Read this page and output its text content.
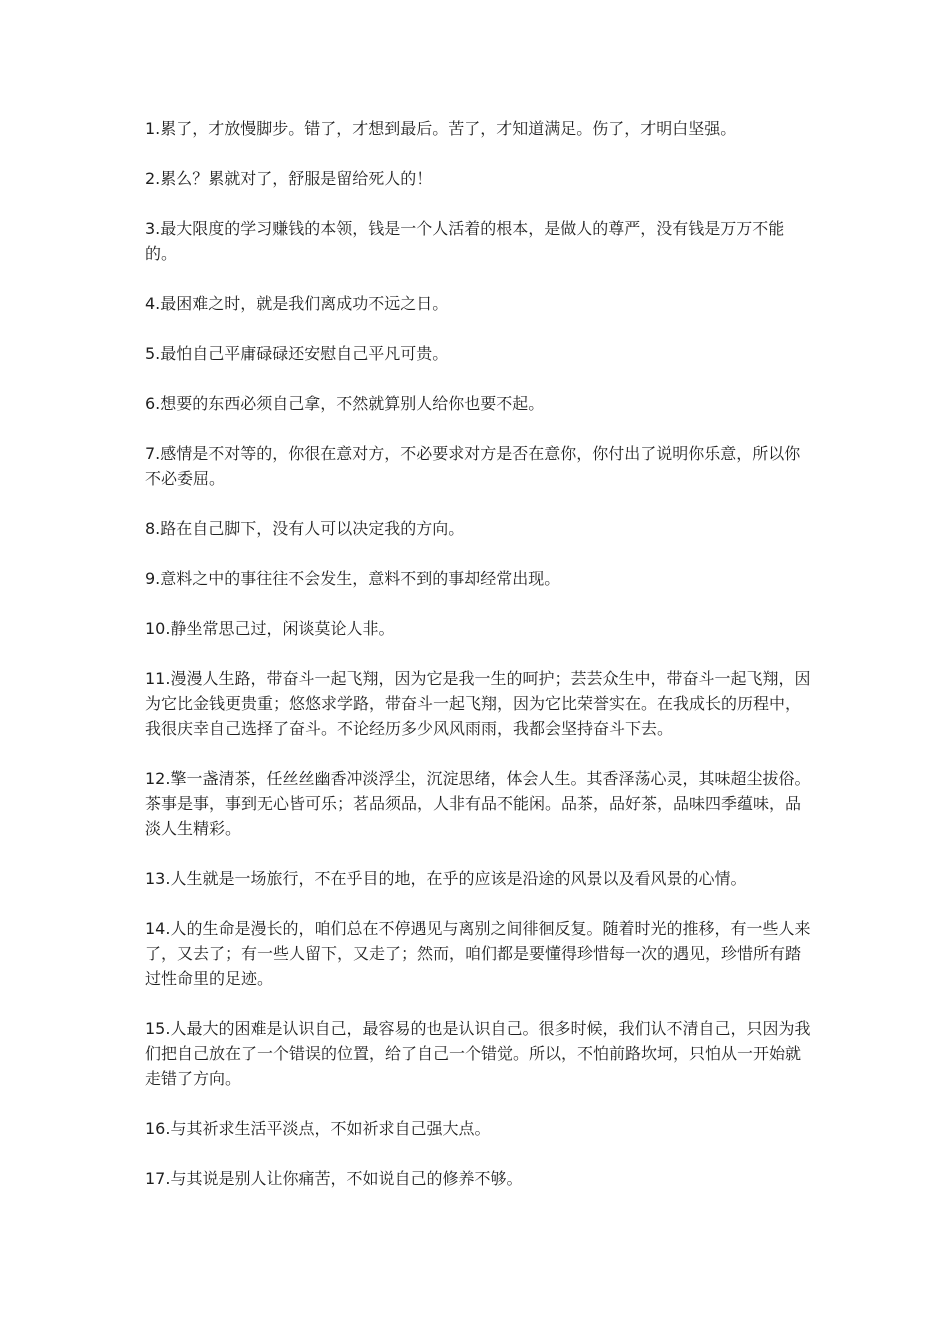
1.累了，才放慢脚步。错了，才想到最后。苦了，才知道满足。伤了，才明白坚强。

2.累么？累就对了，舒服是留给死人的！

3.最大限度的学习赚钱的本领，钱是一个人活着的根本，是做人的尊严，没有钱是万万不能的。

4.最困难之时，就是我们离成功不远之日。

5.最怕自己平庸碌碌还安慰自己平凡可贵。

6.想要的东西必须自己拿，不然就算别人给你也要不起。

7.感情是不对等的，你很在意对方，不必要求对方是否在意你，你付出了说明你乐意，所以你不必委屈。

8.路在自己脚下，没有人可以决定我的方向。

9.意料之中的事往往不会发生，意料不到的事却经常出现。

10.静坐常思己过，闲谈莫论人非。

11.漫漫人生路，带奋斗一起飞翔，因为它是我一生的呵护；芸芸众生中，带奋斗一起飞翔，因为它比金钱更贵重；悠悠求学路，带奋斗一起飞翔，因为它比荣誉实在。在我成长的历程中，我很庆幸自己选择了奋斗。不论经历多少风风雨雨，我都会坚持奋斗下去。

12.擎一盏清茶，任丝丝幽香冲淡浮尘，沉淀思绪，体会人生。其香泽荡心灵，其味超尘拔俗。茶事是事，事到无心皆可乐；茗品须品，人非有品不能闲。品茶，品好茶，品味四季蕴味，品淡人生精彩。

13.人生就是一场旅行，不在乎目的地，在乎的应该是沿途的风景以及看风景的心情。

14.人的生命是漫长的，咱们总在不停遇见与离别之间徘徊反复。随着时光的推移，有一些人来了，又去了；有一些人留下，又走了；然而，咱们都是要懂得珍惜每一次的遇见，珍惜所有踏过性命里的足迹。

15.人最大的困难是认识自己，最容易的也是认识自己。很多时候，我们认不清自己，只因为我们把自己放在了一个错误的位置，给了自己一个错觉。所以，不怕前路坎坷，只怕从一开始就走错了方向。

16.与其祈求生活平淡点，不如祈求自己强大点。

17.与其说是别人让你痛苦，不如说自己的修养不够。
